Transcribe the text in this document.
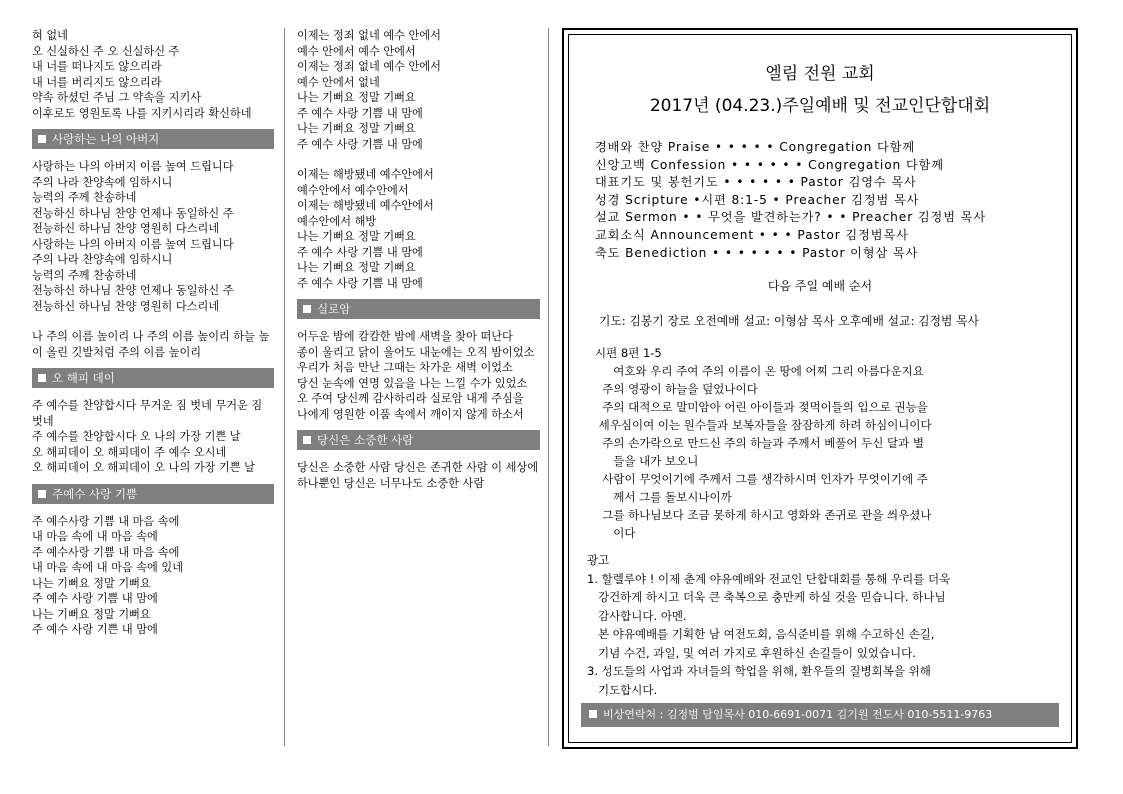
혀 없네
오 신실하신 주 오 신실하신 주
내 너를 떠나지도 않으리라
내 너를 버리지도 않으리라
약속 하셨던 주님 그 약속을 지키사
이후로도 영원토록 나를 지키시리라 확신하네
사랑하는 나의 아버지
사랑하는 나의 아버지 이름 높여 드립니다
주의 나라 찬양속에 임하시니
능력의 주께 찬송하네
전능하신 하나님 찬양 언제나 동일하신 주
전능하신 하나님 찬양 영원히 다스리네
사랑하는 나의 아버지 이름 높여 드립니다
주의 나라 찬양속에 임하시니
능력의 주께 찬송하네
전능하신 하나님 찬양 언제나 동일하신 주
전능하신 하나님 찬양 영원히 다스리네
나 주의 이름 높이리 나 주의 이름 높이리 하늘 높이 올린 깃발처럼 주의 이름 높이리
오 해피 데이
주 예수를 찬양합시다 무거운 짐 벗네 무거운 짐 벗네
주 예수를 찬양합시다 오 나의 가장 기쁜 날
오 해피데이 오 해피데이 주 예수 오시네
오 해피데이 오 해피데이 오 나의 가장 기쁜 날
주예수 사랑 기쁨
주 예수사랑 기쁨 내 마음 속에
내 마음 속에 내 마음 속에
주 예수사랑 기쁨 내 마음 속에
내 마음 속에 내 마음 속에 있네
나는 기뻐요 정말 기뻐요
주 예수 사랑 기쁨 내 맘에
나는 기뻐요 정말 기뻐요
주 예수 사랑 기쁜 내 맘에
이제는 정죄 없네 예수 안에서
예수 안에서 예수 안에서
이제는 정죄 없네 예수 안에서
예수 안에서 없네
나는 기뻐요 정말 기뻐요
주 예수 사랑 기쁨 내 맘에
나는 기뻐요 정말 기뻐요
주 예수 사랑 기쁨 내 맘에
이제는 해방됐네 예수안에서
예수안에서 예수안에서
이제는 해방됐네 예수안에서
예수안에서 해방
나는 기뻐요 정말 기뻐요
주 예수 사랑 기쁨 내 맘에
나는 기뻐요 정말 기뻐요
주 예수 사랑 기쁨 내 맘에
실로암
어두운 밤에 캄캄한 밤에 새벽을 찾아 떠난다
종이 울리고 닭이 울어도 내눈에는 오직 밤이었소
우리가 처음 만난 그때는 차가운 새벽 이었소
당신 눈속에 연명 있음을 나는 느낄 수가 있었소
오 주여 당신께 감사하리라 실로암 내게 주심을
나에게 영원한 이품 속에서 깨이지 않게 하소서
당신은 소중한 사람
당신은 소중한 사람 당신은 존귀한 사람 이 세상에 하나뿐인 당신은 너무나도 소중한 사람
엘림 전원 교회
2017년 (04.23.)주일예배 및 전교인단합대회
경배와 찬양 Praise • • • • • Congregation 다함께
신앙고백 Confession • • • • • • Congregation 다함께
대표기도 및 봉헌기도 • • • • • • Pastor 김영수 목사
성경 Scripture •시편 8:1-5 • Preacher 김정범 목사
설교 Sermon • • 무엇을 발견하는가? • • Preacher 김정범 목사
교회소식 Announcement • • • Pastor 김정범목사
축도 Benediction • • • • • • • Pastor 이형삼 목사
다음 주일 예배 순서
기도: 김봉기 장로 오전예배 설교: 이형삼 목사 오후예배 설교: 김정범 목사
시편 8편 1-5
여호와 우리 주여 주의 이름이 온 땅에 어찌 그리 아름다운지요
주의 영광이 하늘을 덮었나이다
주의 대적으로 말미암아 어린 아이들과 젖먹이들의 입으로 권능을
세우심이여 이는 원수들과 보복자들을 잠잠하게 하려 하심이니이다
주의 손가락으로 만드신 주의 하늘과 주께서 베풀어 두신 달과 별
들을 내가 보오니
사람이 무엇이기에 주께서 그를 생각하시며 인자가 무엇이기에 주
께서 그를 돌보시나이까
그를 하나님보다 조금 못하게 하시고 영화와 존귀로 관을 씌우셨나
이다
광고
1. 할렐루야 ! 이제 춘계 야유예배와 전교인 단합대회를 통해 우리를 더욱
강건하게 하시고 더욱 큰 축복으로 충만케 하실 것을 믿습니다. 하나님
감사합니다. 아멘.
본 야유예배를 기획한 남 여전도회, 음식준비를 위해 수고하신 손길,
기념 수건, 과일, 및 여러 가지로 후원하신 손길들이 있었습니다.
3. 성도들의 사업과 자녀들의 학업을 위해, 환우들의 질병회복을 위해
기도합시다.
비상연락처 : 김정범 담임목사 010-6691-0071 김기원 전도사 010-5511-9763
